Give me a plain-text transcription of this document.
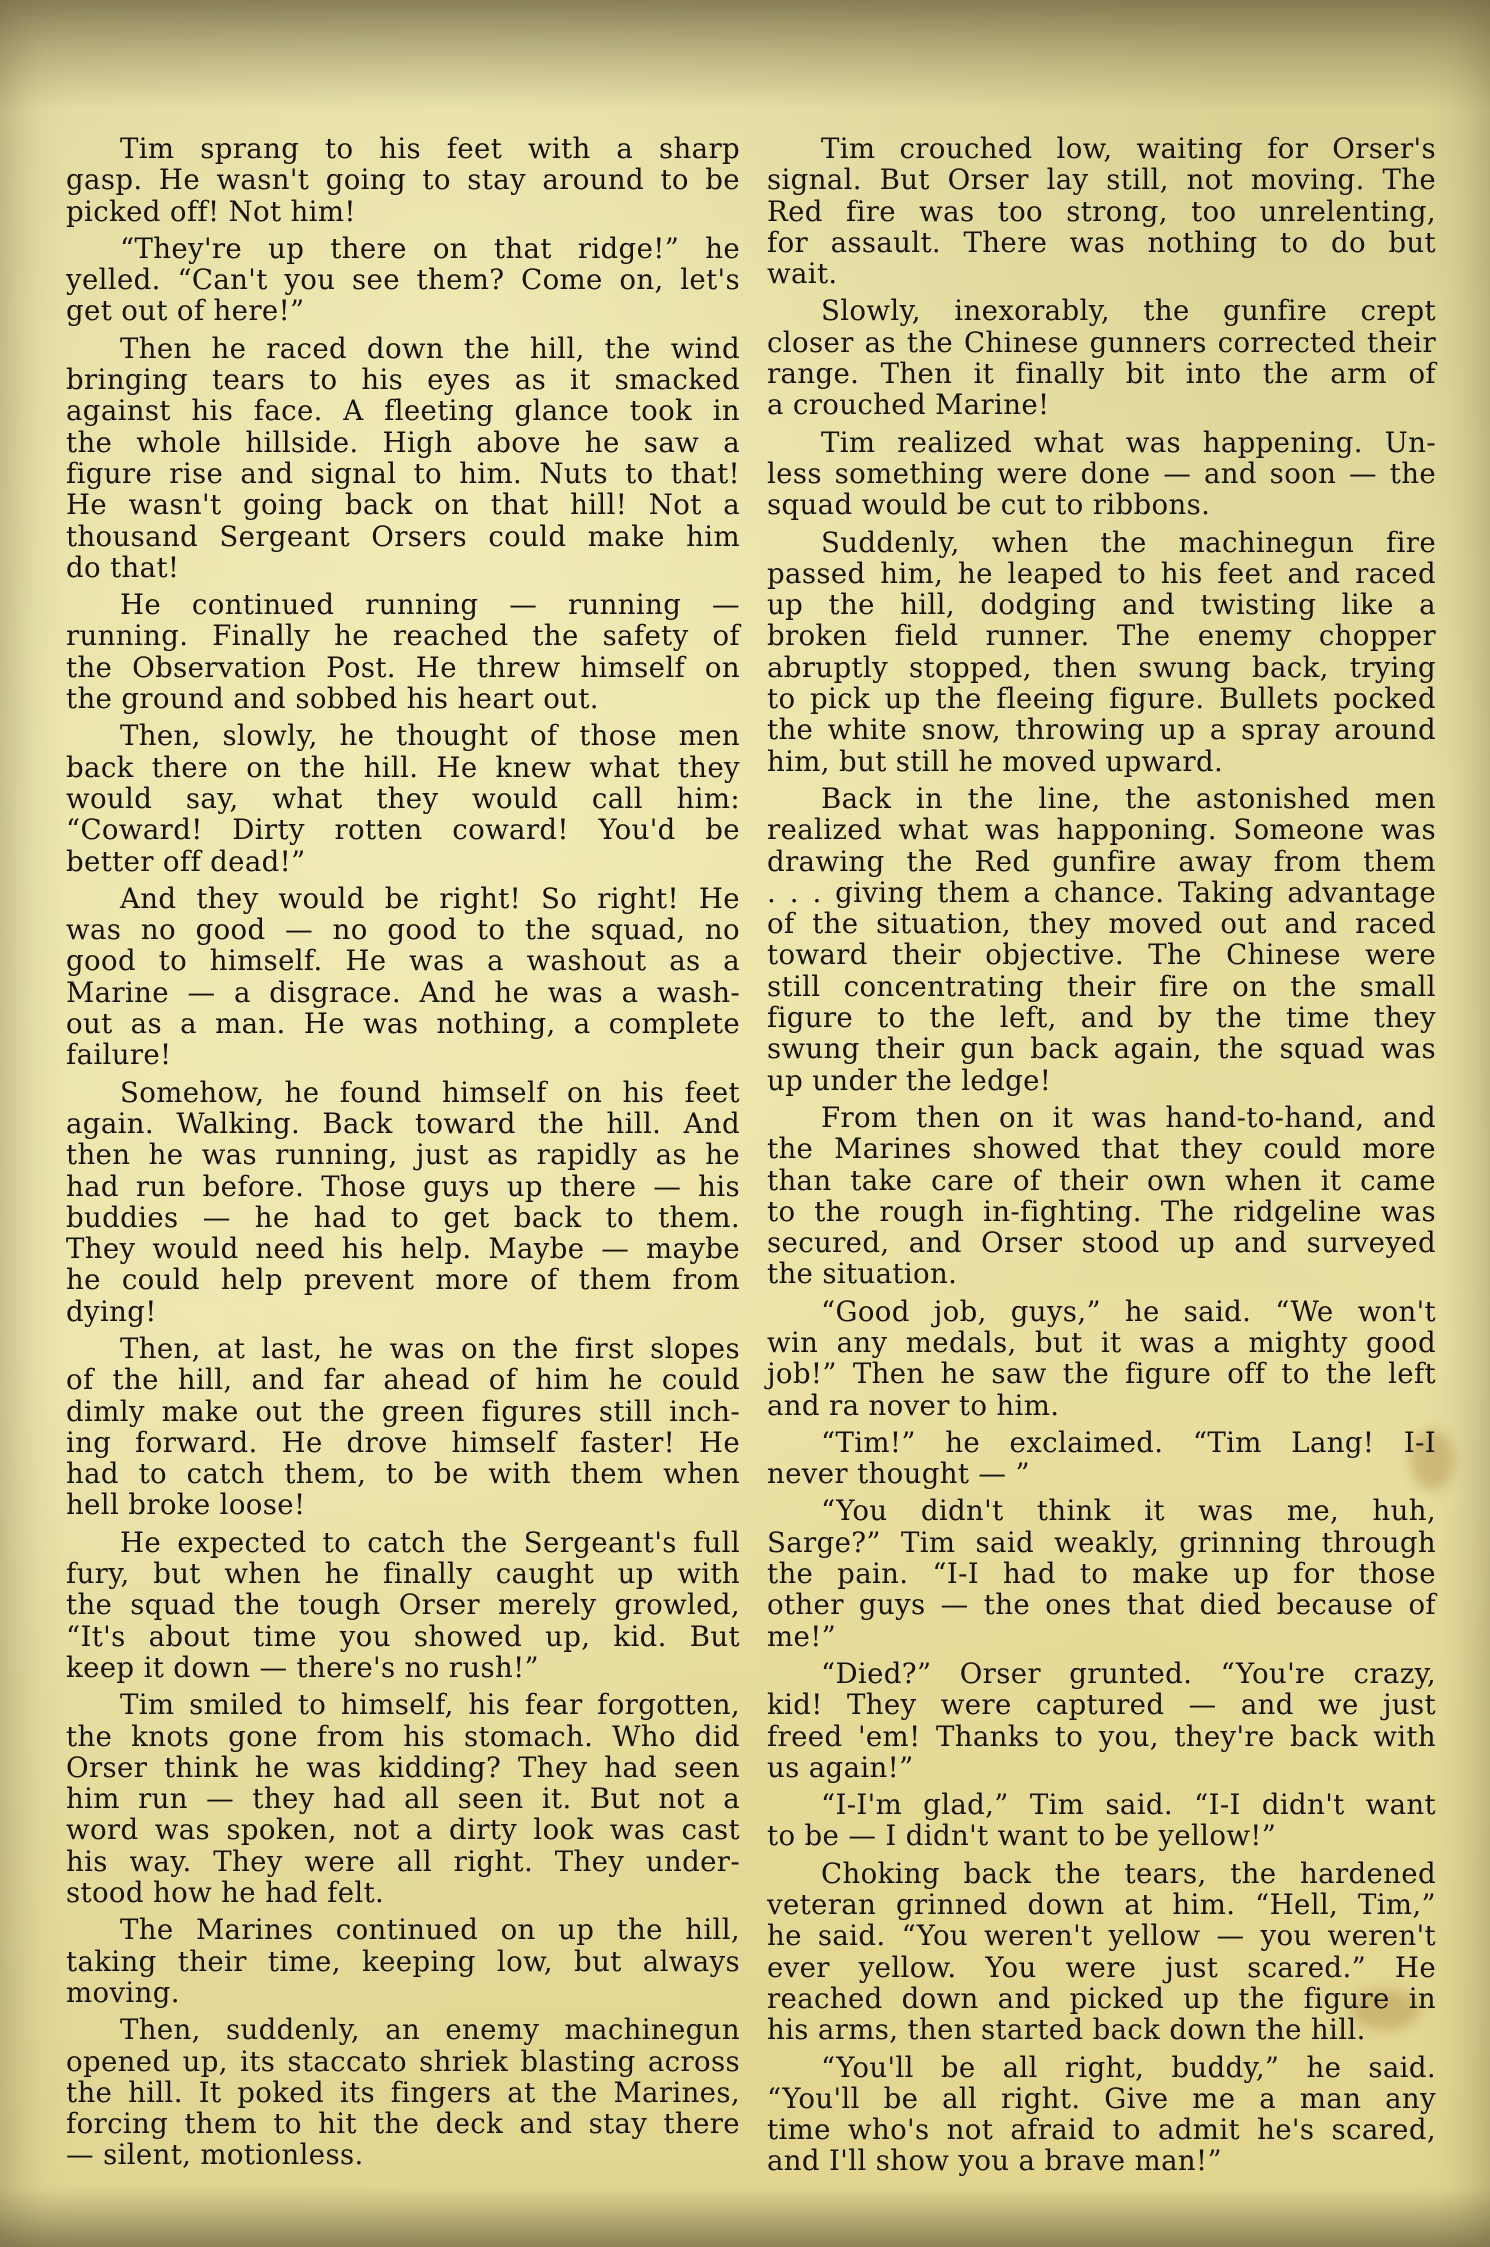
Tim sprang to his feet with a sharp
gasp. He wasn't going to stay around to be
picked off! Not him!
“They're up there on that ridge!” he
yelled. “Can't you see them? Come on, let's
get out of here!”
Then he raced down the hill, the wind
bringing tears to his eyes as it smacked
against his face. A fleeting glance took in
the whole hillside. High above he saw a
figure rise and signal to him. Nuts to that!
He wasn't going back on that hill! Not a
thousand Sergeant Orsers could make him
do that!
He continued running — running —
running. Finally he reached the safety of
the Observation Post. He threw himself on
the ground and sobbed his heart out.
Then, slowly, he thought of those men
back there on the hill. He knew what they
would say, what they would call him:
“Coward! Dirty rotten coward! You'd be
better off dead!”
And they would be right! So right! He
was no good — no good to the squad, no
good to himself. He was a washout as a
Marine — a disgrace. And he was a wash-
out as a man. He was nothing, a complete
failure!
Somehow, he found himself on his feet
again. Walking. Back toward the hill. And
then he was running, just as rapidly as he
had run before. Those guys up there — his
buddies — he had to get back to them.
They would need his help. Maybe — maybe
he could help prevent more of them from
dying!
Then, at last, he was on the first slopes
of the hill, and far ahead of him he could
dimly make out the green figures still inch-
ing forward. He drove himself faster! He
had to catch them, to be with them when
hell broke loose!
He expected to catch the Sergeant's full
fury, but when he finally caught up with
the squad the tough Orser merely growled,
“It's about time you showed up, kid. But
keep it down — there's no rush!”
Tim smiled to himself, his fear forgotten,
the knots gone from his stomach. Who did
Orser think he was kidding? They had seen
him run — they had all seen it. But not a
word was spoken, not a dirty look was cast
his way. They were all right. They under-
stood how he had felt.
The Marines continued on up the hill,
taking their time, keeping low, but always
moving.
Then, suddenly, an enemy machinegun
opened up, its staccato shriek blasting across
the hill. It poked its fingers at the Marines,
forcing them to hit the deck and stay there
— silent, motionless.
Tim crouched low, waiting for Orser's
signal. But Orser lay still, not moving. The
Red fire was too strong, too unrelenting,
for assault. There was nothing to do but
wait.
Slowly, inexorably, the gunfire crept
closer as the Chinese gunners corrected their
range. Then it finally bit into the arm of
a crouched Marine!
Tim realized what was happening. Un-
less something were done — and soon — the
squad would be cut to ribbons.
Suddenly, when the machinegun fire
passed him, he leaped to his feet and raced
up the hill, dodging and twisting like a
broken field runner. The enemy chopper
abruptly stopped, then swung back, trying
to pick up the fleeing figure. Bullets pocked
the white snow, throwing up a spray around
him, but still he moved upward.
Back in the line, the astonished men
realized what was happoning. Someone was
drawing the Red gunfire away from them
. . . giving them a chance. Taking advantage
of the situation, they moved out and raced
toward their objective. The Chinese were
still concentrating their fire on the small
figure to the left, and by the time they
swung their gun back again, the squad was
up under the ledge!
From then on it was hand-to-hand, and
the Marines showed that they could more
than take care of their own when it came
to the rough in-fighting. The ridgeline was
secured, and Orser stood up and surveyed
the situation.
“Good job, guys,” he said. “We won't
win any medals, but it was a mighty good
job!” Then he saw the figure off to the left
and ra nover to him.
“Tim!” he exclaimed. “Tim Lang! I-I
never thought — ”
“You didn't think it was me, huh,
Sarge?” Tim said weakly, grinning through
the pain. “I-I had to make up for those
other guys — the ones that died because of
me!”
“Died?” Orser grunted. “You're crazy,
kid! They were captured — and we just
freed 'em! Thanks to you, they're back with
us again!”
“I-I'm glad,” Tim said. “I-I didn't want
to be — I didn't want to be yellow!”
Choking back the tears, the hardened
veteran grinned down at him. “Hell, Tim,”
he said. “You weren't yellow — you weren't
ever yellow. You were just scared.” He
reached down and picked up the figure in
his arms, then started back down the hill.
“You'll be all right, buddy,” he said.
“You'll be all right. Give me a man any
time who's not afraid to admit he's scared,
and I'll show you a brave man!”
